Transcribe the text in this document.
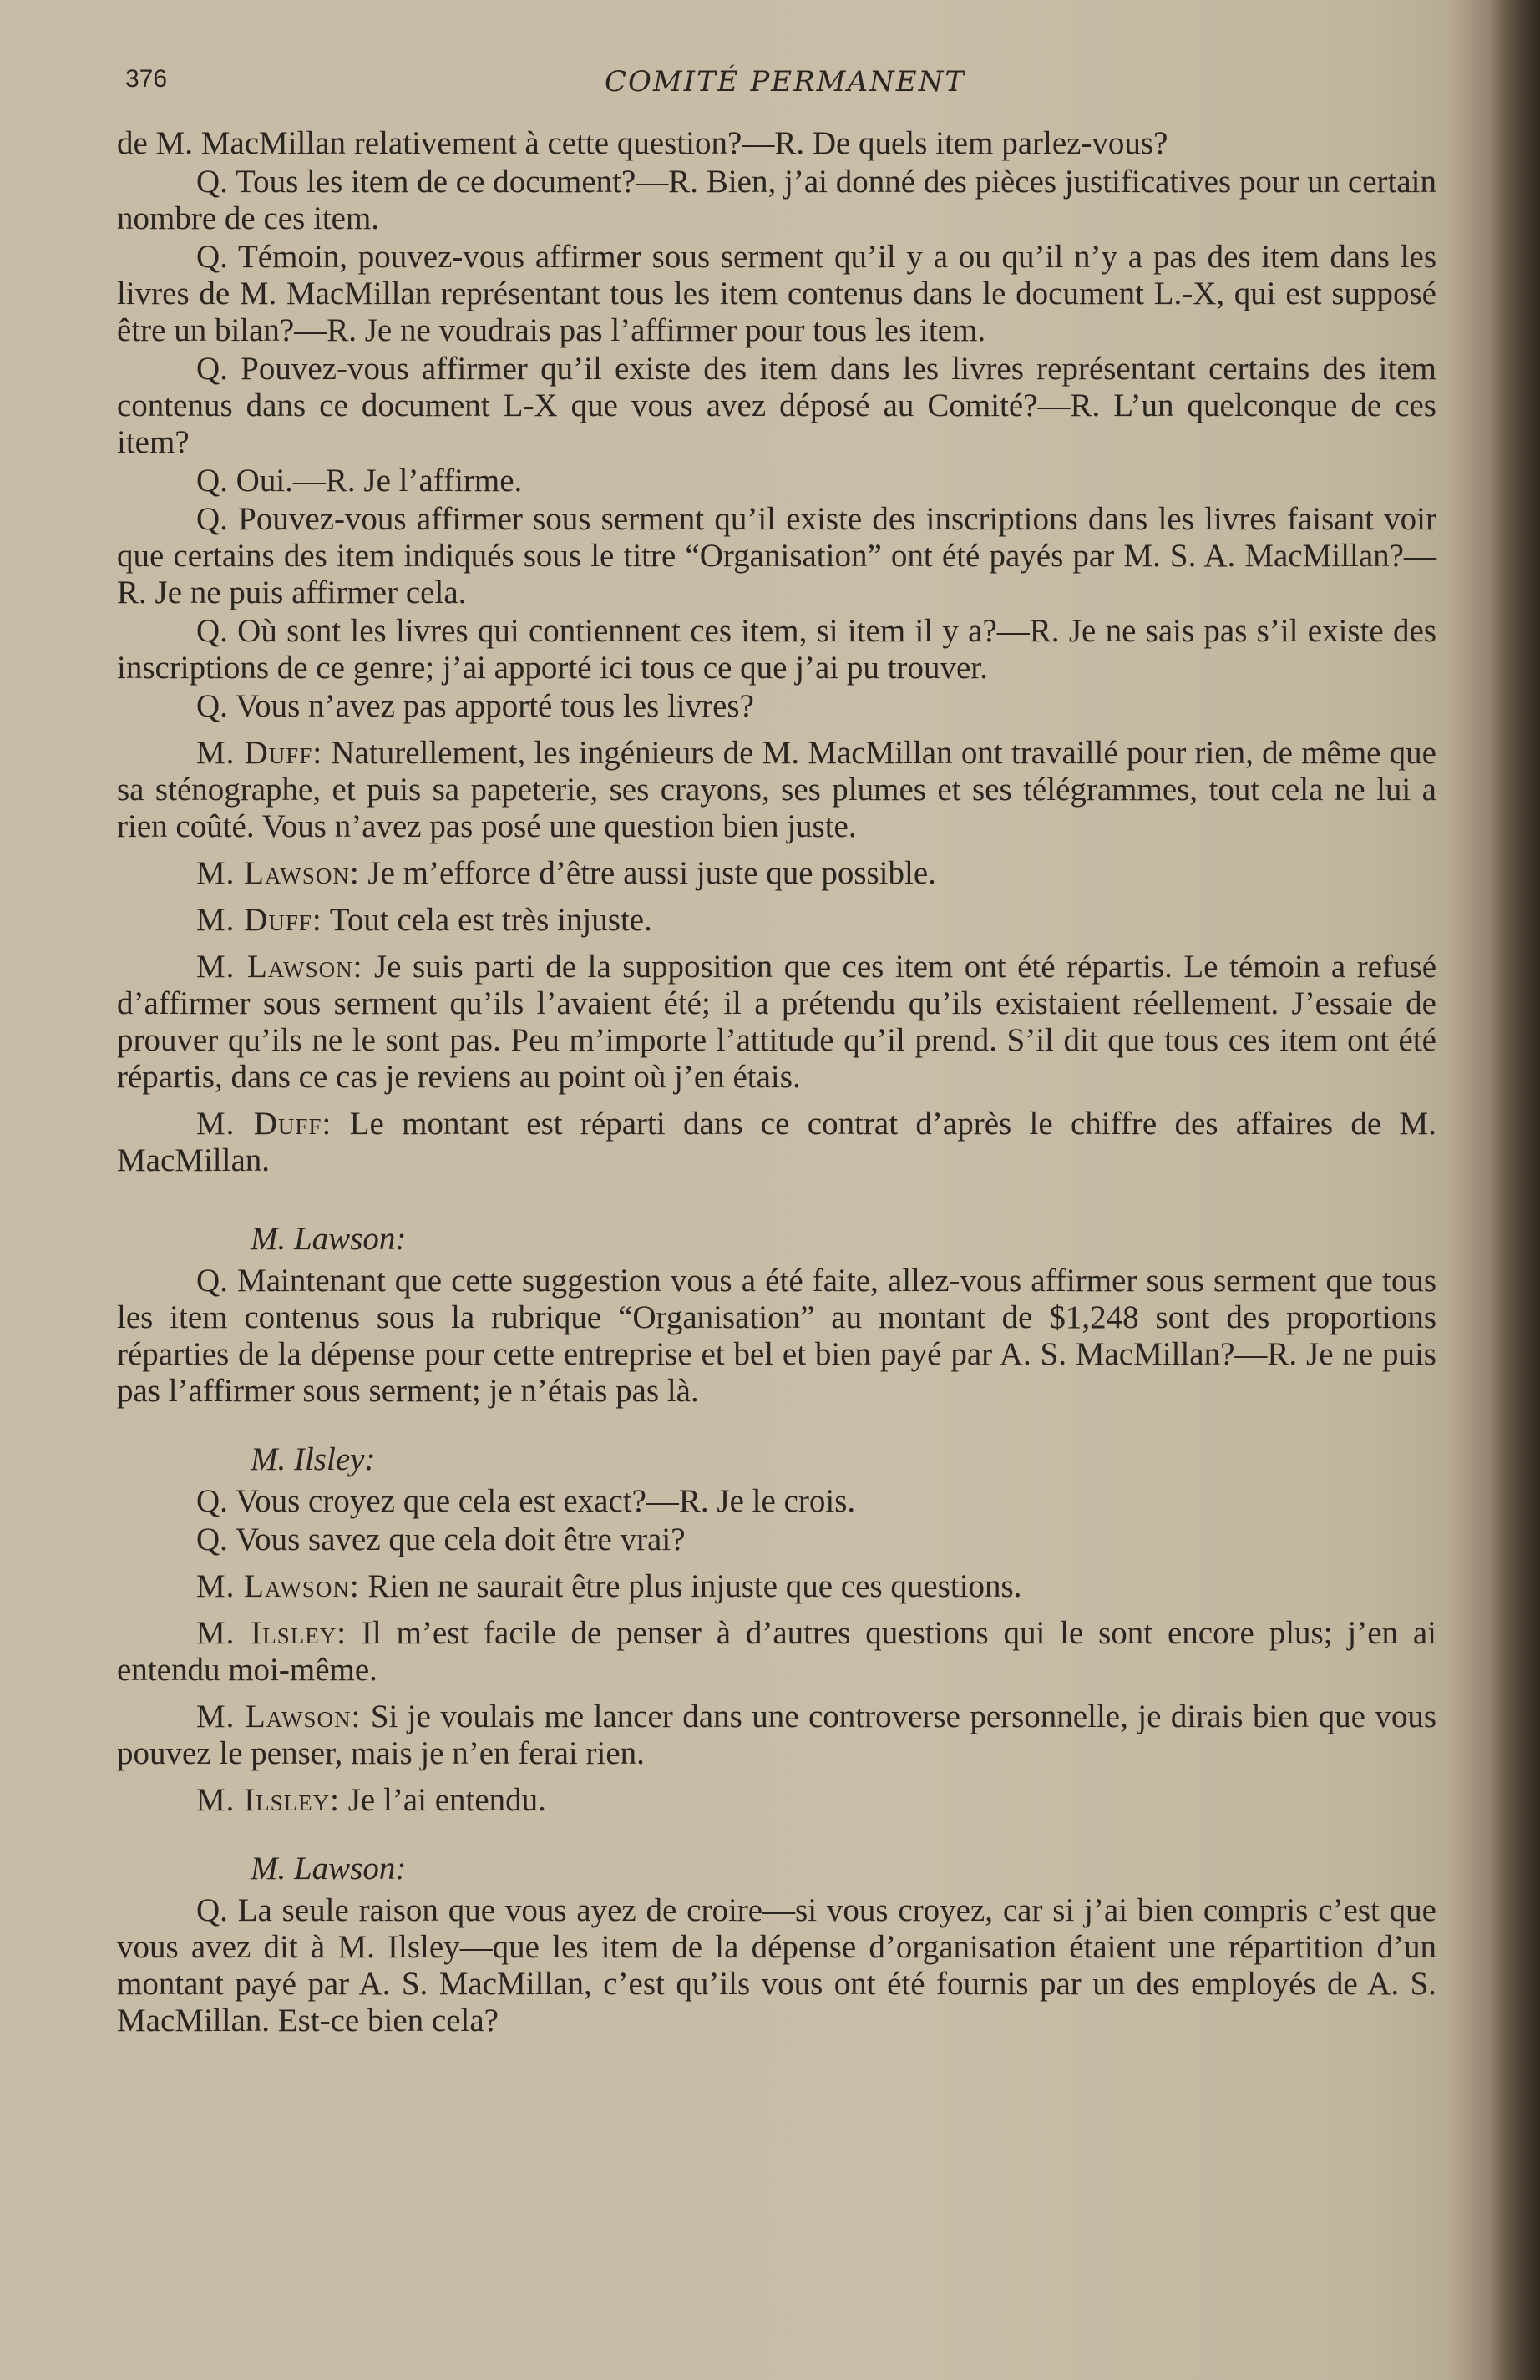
376	COMITÉ PERMANENT

de M. MacMillan relativement à cette question?—R. De quels item parlez-vous?

Q. Tous les item de ce document?—R. Bien, j’ai donné des pièces justificatives pour un certain nombre de ces item.

Q. Témoin, pouvez-vous affirmer sous serment qu’il y a ou qu’il n’y a pas des item dans les livres de M. MacMillan représentant tous les item contenus dans le document L.-X, qui est supposé être un bilan?—R. Je ne voudrais pas l’affirmer pour tous les item.

Q. Pouvez-vous affirmer qu’il existe des item dans les livres représentant certains des item contenus dans ce document L-X que vous avez déposé au Comité?—R. L’un quelconque de ces item?

Q. Oui.—R. Je l’affirme.

Q. Pouvez-vous affirmer sous serment qu’il existe des inscriptions dans les livres faisant voir que certains des item indiqués sous le titre “Organisation” ont été payés par M. S. A. MacMillan?—R. Je ne puis affirmer cela.

Q. Où sont les livres qui contiennent ces item, si item il y a?—R. Je ne sais pas s’il existe des inscriptions de ce genre; j’ai apporté ici tous ce que j’ai pu trouver.

Q. Vous n’avez pas apporté tous les livres?

M. Duff: Naturellement, les ingénieurs de M. MacMillan ont travaillé pour rien, de même que sa sténographe, et puis sa papeterie, ses crayons, ses plumes et ses télégrammes, tout cela ne lui a rien coûté. Vous n’avez pas posé une question bien juste.

M. Lawson: Je m’efforce d’être aussi juste que possible.

M. Duff: Tout cela est très injuste.

M. Lawson: Je suis parti de la supposition que ces item ont été répartis. Le témoin a refusé d’affirmer sous serment qu’ils l’avaient été; il a prétendu qu’ils existaient réellement. J’essaie de prouver qu’ils ne le sont pas. Peu m’importe l’attitude qu’il prend. S’il dit que tous ces item ont été répartis, dans ce cas je reviens au point où j’en étais.

M. Duff: Le montant est réparti dans ce contrat d’après le chiffre des affaires de M. MacMillan.

M. Lawson:

Q. Maintenant que cette suggestion vous a été faite, allez-vous affirmer sous serment que tous les item contenus sous la rubrique “Organisation” au montant de $1,248 sont des proportions réparties de la dépense pour cette entreprise et bel et bien payé par A. S. MacMillan?—R. Je ne puis pas l’affirmer sous serment; je n’étais pas là.

M. Ilsley:

Q. Vous croyez que cela est exact?—R. Je le crois.

Q. Vous savez que cela doit être vrai?

M. Lawson: Rien ne saurait être plus injuste que ces questions.

M. Ilsley: Il m’est facile de penser à d’autres questions qui le sont encore plus; j’en ai entendu moi-même.

M. Lawson: Si je voulais me lancer dans une controverse personnelle, je dirais bien que vous pouvez le penser, mais je n’en ferai rien.

M. Ilsley: Je l’ai entendu.

M. Lawson:

Q. La seule raison que vous ayez de croire—si vous croyez, car si j’ai bien compris c’est que vous avez dit à M. Ilsley—que les item de la dépense d’organisation étaient une répartition d’un montant payé par A. S. MacMillan, c’est qu’ils vous ont été fournis par un des employés de A. S. MacMillan. Est-ce bien cela?
